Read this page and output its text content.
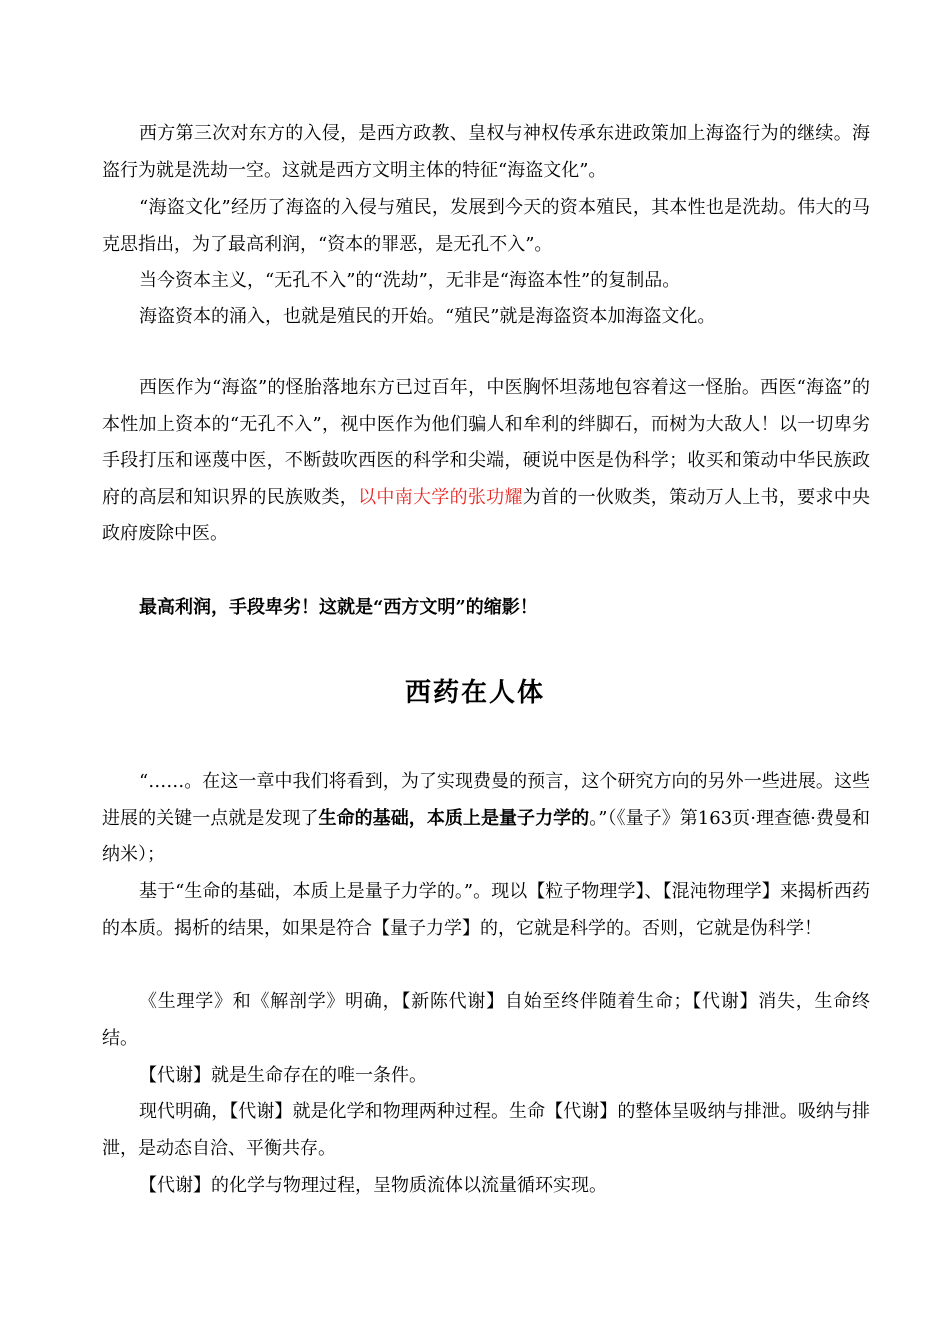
西方第三次对东方的入侵，是西方政教、皇权与神权传承东进政策加上海盗行为的继续。海盗行为就是洗劫一空。这就是西方文明主体的特征“海盗文化”。

“海盗文化”经历了海盗的入侵与殖民，发展到今天的资本殖民，其本性也是洗劫。伟大的马克思指出，为了最高利润，“资本的罪恶，是无孔不入”。

当今资本主义，“无孔不入”的“洗劫”，无非是“海盗本性”的复制品。

海盗资本的涌入，也就是殖民的开始。“殖民”就是海盗资本加海盗文化。

西医作为“海盗”的怪胎落地东方已过百年，中医胸怀坦荡地包容着这一怪胎。西医“海盗”的本性加上资本的“无孔不入”，视中医作为他们骗人和牟利的绊脚石，而树为大敌人！以一切卑劣手段打压和诬蔑中医，不断鼓吹西医的科学和尖端，硬说中医是伪科学；收买和策动中华民族政府的高层和知识界的民族败类，以中南大学的张功耀为首的一伙败类，策动万人上书，要求中央政府废除中医。

最高利润，手段卑劣！这就是“西方文明”的缩影！

西药在人体

“……。在这一章中我们将看到，为了实现费曼的预言，这个研究方向的另外一些进展。这些进展的关键一点就是发现了生命的基础，本质上是量子力学的。”（《量子》第163页·理查德·费曼和纳米）；

基于“生命的基础，本质上是量子力学的。”。现以【粒子物理学】、【混沌物理学】来揭析西药的本质。揭析的结果，如果是符合【量子力学】的，它就是科学的。否则，它就是伪科学！

《生理学》和《解剖学》明确，【新陈代谢】自始至终伴随着生命；【代谢】消失，生命终结。

【代谢】就是生命存在的唯一条件。

现代明确，【代谢】就是化学和物理两种过程。生命【代谢】的整体呈吸纳与排泄。吸纳与排泄，是动态自洽、平衡共存。

【代谢】的化学与物理过程，呈物质流体以流量循环实现。
